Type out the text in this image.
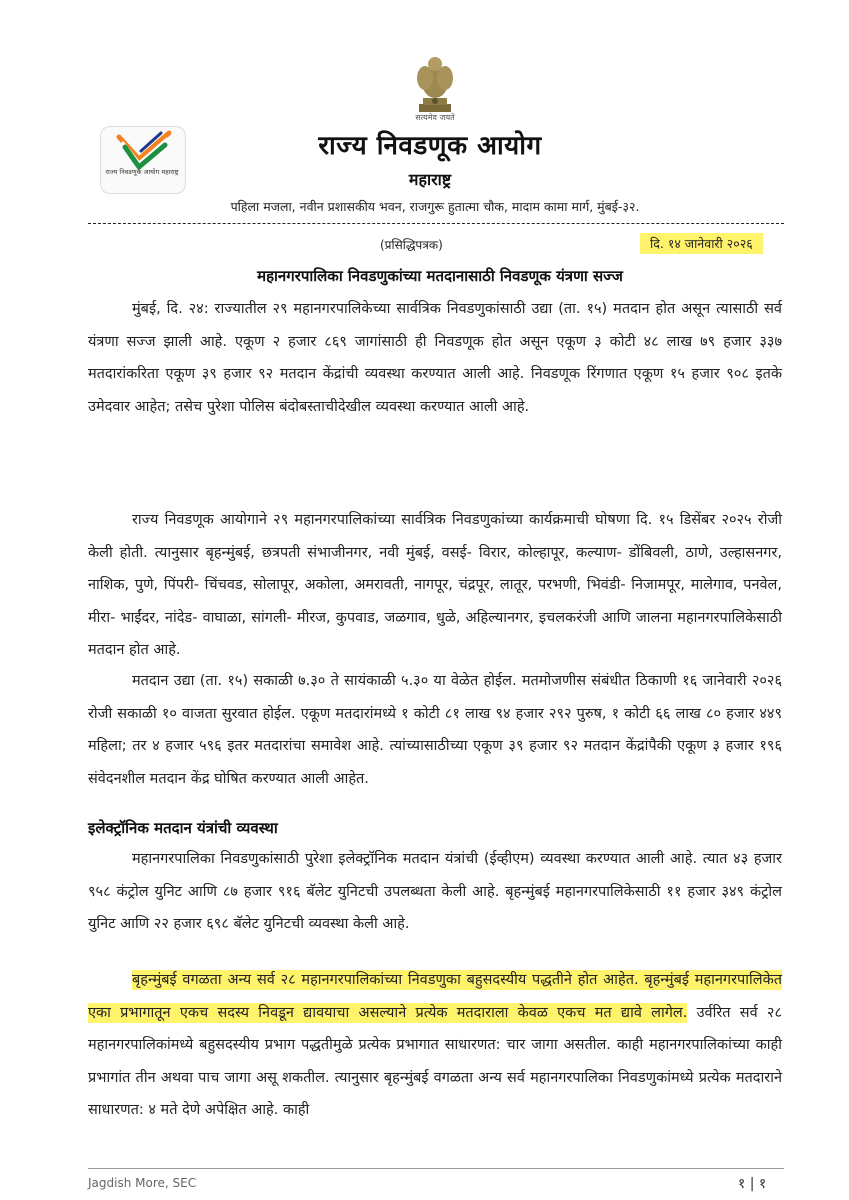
सत्यमेव जयते
राज्य निवडणूक आयोग महाराष्ट्र
राज्य निवडणूक आयोग
महाराष्ट्र
पहिला मजला, नवीन प्रशासकीय भवन, राजगुरू हुतात्मा चौक, मादाम कामा मार्ग, मुंबई-३२.
(प्रसिद्धिपत्रक)	दि. १४ जानेवारी २०२६
महानगरपालिका निवडणुकांच्या मतदानासाठी निवडणूक यंत्रणा सज्ज
मुंबई, दि. २४: राज्यातील २९ महानगरपालिकेच्या सार्वत्रिक निवडणुकांसाठी उद्या (ता. १५) मतदान होत असून त्यासाठी सर्व यंत्रणा सज्ज झाली आहे. एकूण २ हजार ८६९ जागांसाठी ही निवडणूक होत असून एकूण ३ कोटी ४८ लाख ७९ हजार ३३७ मतदारांकरिता एकूण ३९ हजार ९२ मतदान केंद्रांची व्यवस्था करण्यात आली आहे. निवडणूक रिंगणात एकूण १५ हजार ९०८ इतके उमेदवार आहेत; तसेच पुरेशा पोलिस बंदोबस्ताचीदेखील व्यवस्था करण्यात आली आहे.
राज्य निवडणूक आयोगाने २९ महानगरपालिकांच्या सार्वत्रिक निवडणुकांच्या कार्यक्रमाची घोषणा दि. १५ डिसेंबर २०२५ रोजी केली होती. त्यानुसार बृहन्मुंबई, छत्रपती संभाजीनगर, नवी मुंबई, वसई- विरार, कोल्हापूर, कल्याण- डोंबिवली, ठाणे, उल्हासनगर, नाशिक, पुणे, पिंपरी- चिंचवड, सोलापूर, अकोला, अमरावती, नागपूर, चंद्रपूर, लातूर, परभणी, भिवंडी- निजामपूर, मालेगाव, पनवेल, मीरा- भाईंदर, नांदेड- वाघाळा, सांगली- मीरज, कुपवाड, जळगाव, धुळे, अहिल्यानगर, इचलकरंजी आणि जालना महानगरपालिकेसाठी मतदान होत आहे.
मतदान उद्या (ता. १५) सकाळी ७.३० ते सायंकाळी ५.३० या वेळेत होईल. मतमोजणीस संबंधीत ठिकाणी १६ जानेवारी २०२६ रोजी सकाळी १० वाजता सुरवात होईल. एकूण मतदारांमध्ये १ कोटी ८१ लाख ९४ हजार २९२ पुरुष, १ कोटी ६६ लाख ८० हजार ४४९ महिला; तर ४ हजार ५९६ इतर मतदारांचा समावेश आहे. त्यांच्यासाठीच्या एकूण ३९ हजार ९२ मतदान केंद्रांपैकी एकूण ३ हजार १९६ संवेदनशील मतदान केंद्र घोषित करण्यात आली आहेत.
इलेक्ट्रॉनिक मतदान यंत्रांची व्यवस्था
महानगरपालिका निवडणुकांसाठी पुरेशा इलेक्ट्रॉनिक मतदान यंत्रांची (ईव्हीएम) व्यवस्था करण्यात आली आहे. त्यात ४३ हजार ९५८ कंट्रोल युनिट आणि ८७ हजार ९१६ बॅलेट युनिटची उपलब्धता केली आहे. बृहन्मुंबई महानगरपालिकेसाठी ११ हजार ३४९ कंट्रोल युनिट आणि २२ हजार ६९८ बॅलेट युनिटची व्यवस्था केली आहे.
बृहन्मुंबई वगळता अन्य सर्व २८ महानगरपालिकांच्या निवडणुका बहुसदस्यीय पद्धतीने होत आहेत. बृहन्मुंबई महानगरपालिकेत एका प्रभागातून एकच सदस्य निवडून द्यावयाचा असल्याने प्रत्येक मतदाराला केवळ एकच मत द्यावे लागेल. उर्वरित सर्व २८ महानगरपालिकांमध्ये बहुसदस्यीय प्रभाग पद्धतीमुळे प्रत्येक प्रभागात साधारणत: चार जागा असतील. काही महानगरपालिकांच्या काही प्रभागांत तीन अथवा पाच जागा असू शकतील. त्यानुसार बृहन्मुंबई वगळता अन्य सर्व महानगरपालिका निवडणुकांमध्ये प्रत्येक मतदाराने साधारणत: ४ मते देणे अपेक्षित आहे. काही
Jagdish More, SEC	१ | १
